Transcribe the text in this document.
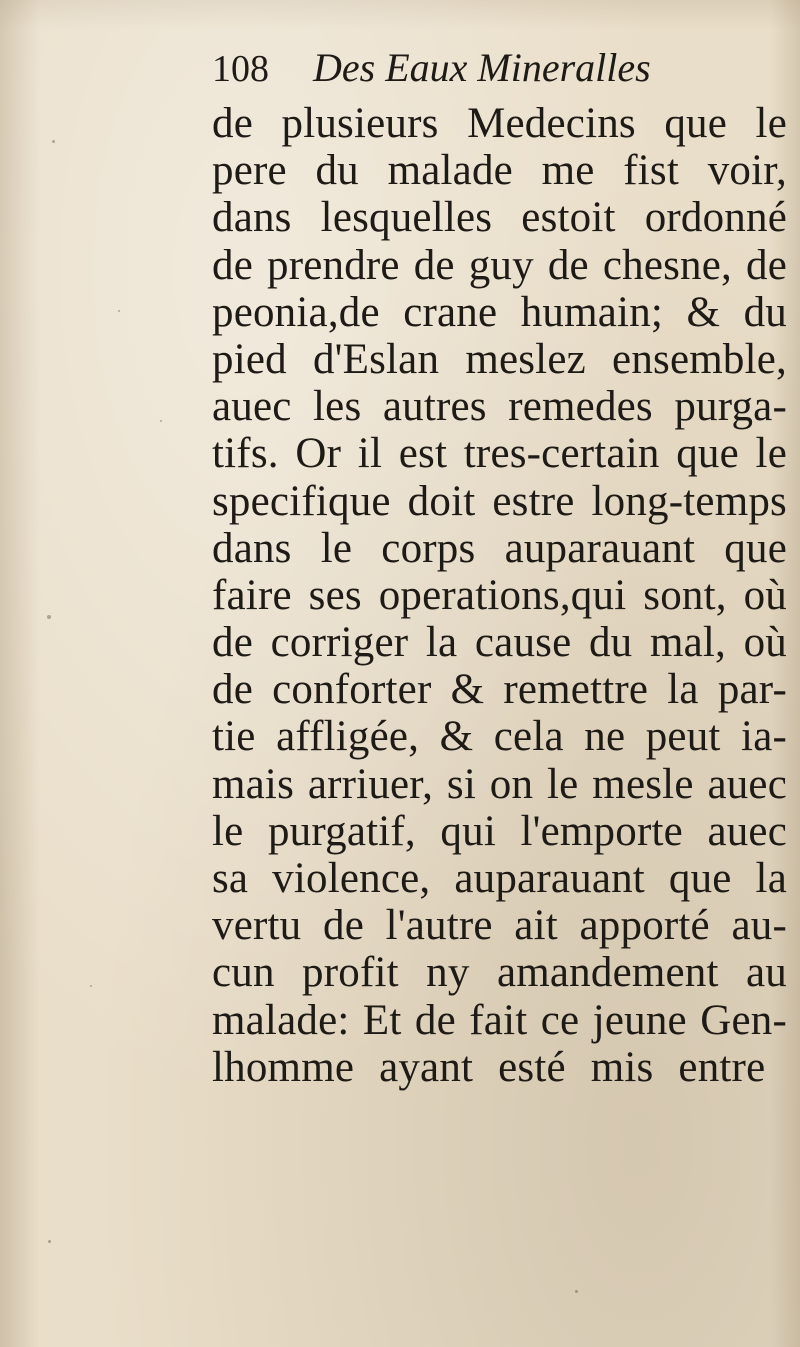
108 Des Eaux Mineralles
de plusieurs Medecins que le
pere du malade me fist voir,
dans lesquelles estoit ordonné
de prendre de guy de chesne, de
peonia,de crane humain; & du
pied d'Eslan meslez ensemble,
auec les autres remedes purga-
tifs. Or il est tres-certain que le
specifique doit estre long-temps
dans le corps auparauant que
faire ses operations,qui sont, où
de corriger la cause du mal, où
de conforter & remettre la par-
tie affligée, & cela ne peut ia-
mais arriuer, si on le mesle auec
le purgatif, qui l'emporte auec
sa violence, auparauant que la
vertu de l'autre ait apporté au-
cun profit ny amandement au
malade: Et de fait ce jeune Gen-
lhomme ayant esté mis entre
